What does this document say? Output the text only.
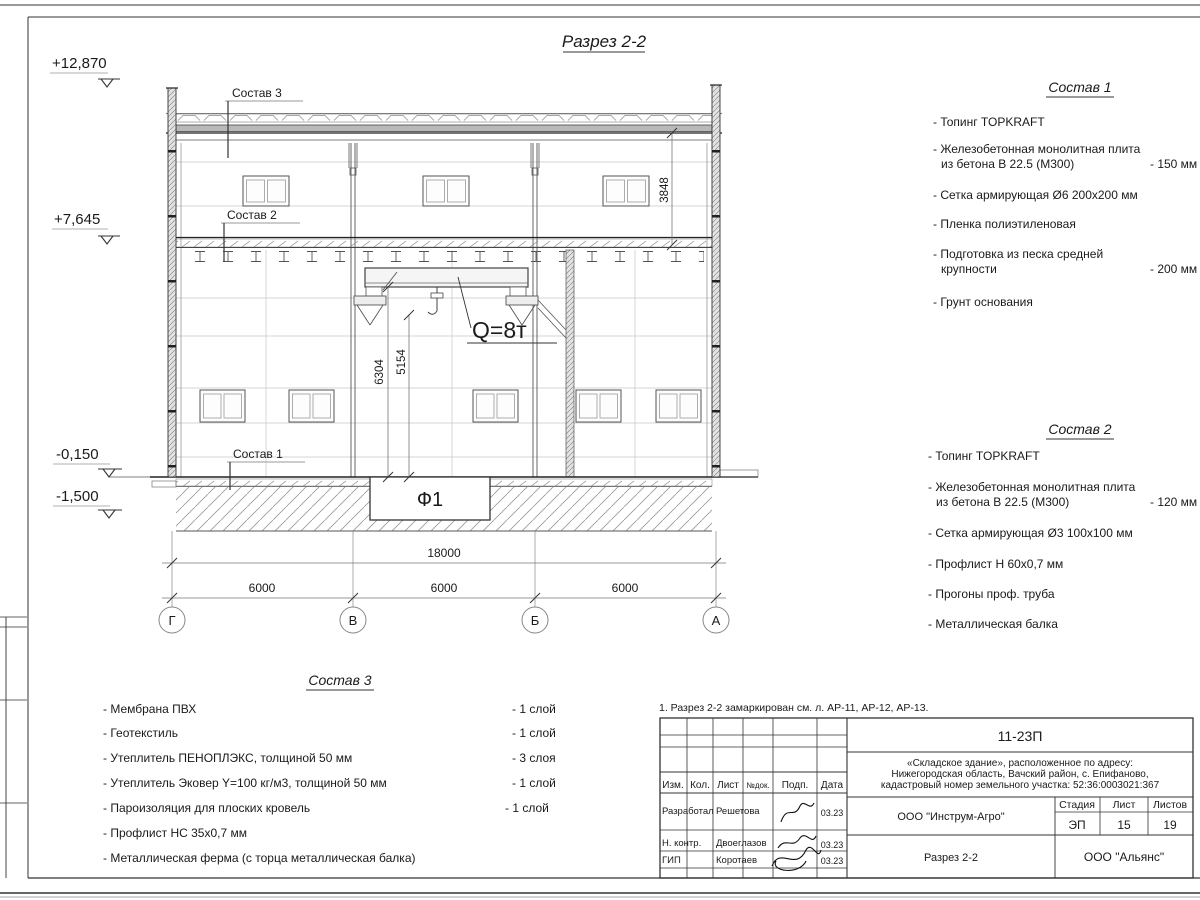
Разрез 2-2
Ф1
Q=8т
Состав 3
Состав 2
Состав 1
+12,870
+7,645
-0,150
-1,500
6304 5154
3848
18000
6000	6000	6000
Г	В	Б	А
Состав 1
- Топинг TOPKRAFT
- Железобетонная монолитная плита
из бетона В 22.5 (М300)	- 150 мм
- Сетка армирующая Ø6 200x200 мм
- Пленка полиэтиленовая
- Подготовка из песка средней
крупности	- 200 мм
- Грунт основания
Состав 2
- Топинг TOPKRAFT
- Железобетонная монолитная плита
из бетона В 22.5 (М300)	- 120 мм
- Сетка армирующая Ø3 100x100 мм
- Профлист Н 60х0,7 мм
- Прогоны проф. труба
- Металлическая балка
Состав 3
- Мембрана ПВХ	- 1 слой
- Геотекстиль	- 1 слой
- Утеплитель ПЕНОПЛЭКС, толщиной 50 мм	- 3 слоя
- Утеплитель Эковер Y=100 кг/м3, толщиной 50 мм	- 1 слой
- Пароизоляция для плоских кровель	- 1 слой
- Профлист НС 35х0,7 мм
- Металлическая ферма (с торца металлическая балка)
1. Разрез 2-2 замаркирован см. л. АР-11, АР-12, АР-13.
Изм. Кол. Лист №док. Подп. Дата
Разработал Решетова	03.23
Н. контр. Двоеглазов	03.23
ГИП	Коротаев	03.23
11-23П
«Складское здание», расположенное по адресу:
Нижегородская область, Вачский район, с. Епифаново,
кадастровый номер земельного участка: 52:36:0003021:367
ООО "Инструм-Агро"
Стадия Лист Листов
ЭП	15	19
Разрез 2-2	ООО "Альянс"
